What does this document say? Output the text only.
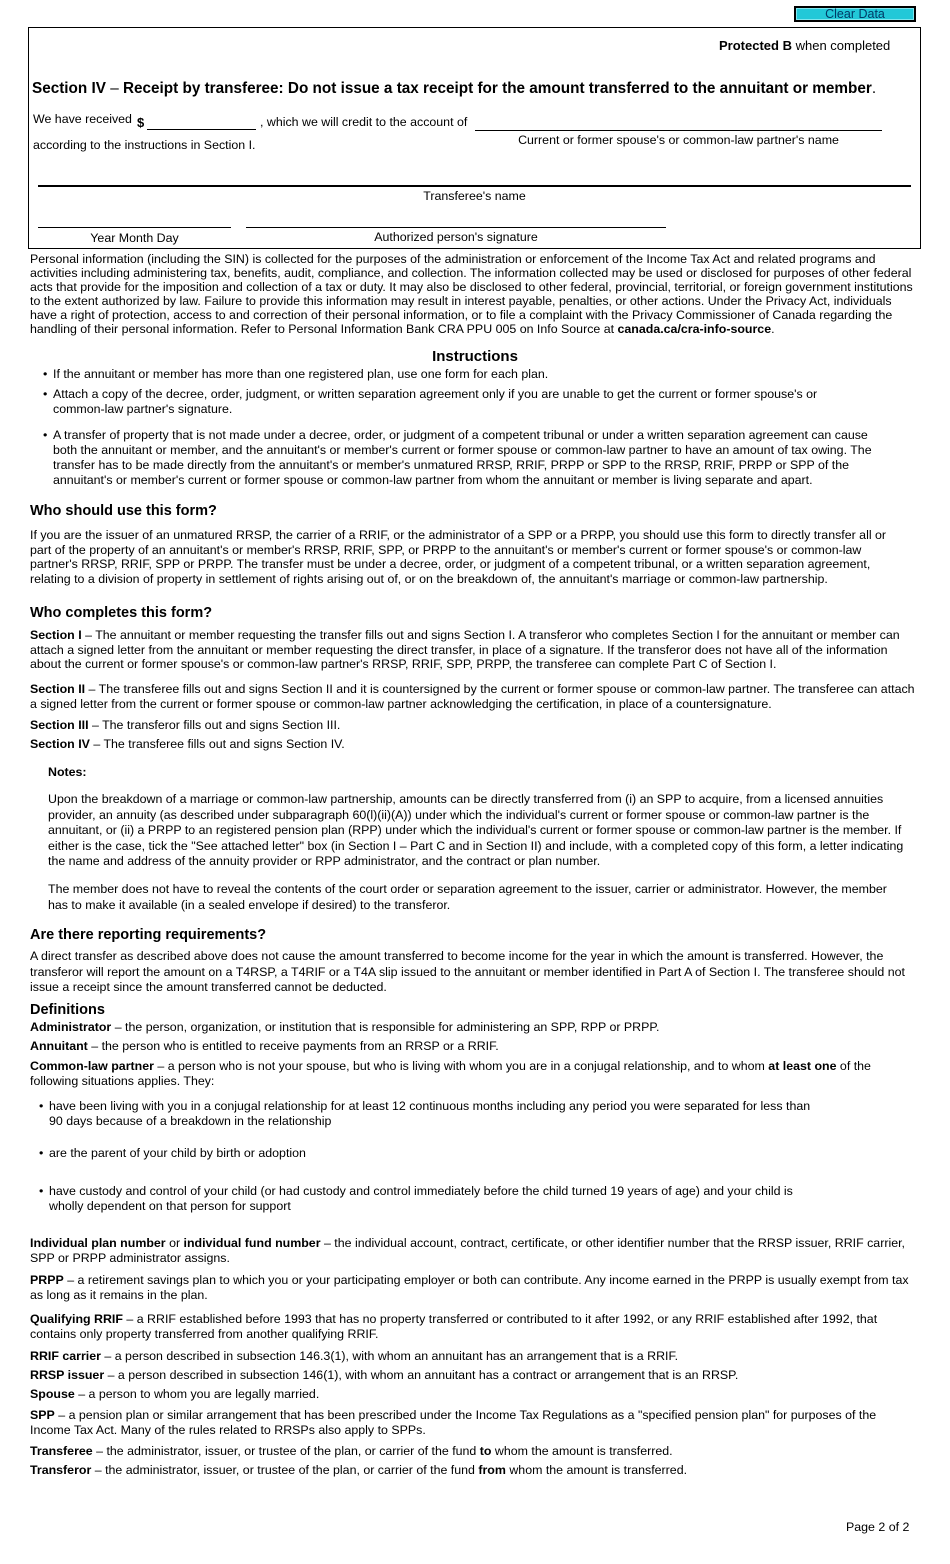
Clear Data
Protected B when completed
Section IV – Receipt by transferee: Do not issue a tax receipt for the amount transferred to the annuitant or member.
We have received $	, which we will credit to the account of
Current or former spouse's or common-law partner's name
according to the instructions in Section I.
Transferee's name
Year Month Day	Authorized person's signature

Personal information (including the SIN) is collected for the purposes of the administration or enforcement of the Income Tax Act and related programs and activities including administering tax, benefits, audit, compliance, and collection. The information collected may be used or disclosed for purposes of other federal acts that provide for the imposition and collection of a tax or duty. It may also be disclosed to other federal, provincial, territorial, or foreign government institutions to the extent authorized by law. Failure to provide this information may result in interest payable, penalties, or other actions. Under the Privacy Act, individuals have a right of protection, access to and correction of their personal information, or to file a complaint with the Privacy Commissioner of Canada regarding the handling of their personal information. Refer to Personal Information Bank CRA PPU 005 on Info Source at canada.ca/cra-info-source.

Instructions
• If the annuitant or member has more than one registered plan, use one form for each plan.
• Attach a copy of the decree, order, judgment, or written separation agreement only if you are unable to get the current or former spouse's or common-law partner's signature.
• A transfer of property that is not made under a decree, order, or judgment of a competent tribunal or under a written separation agreement can cause both the annuitant or member, and the annuitant's or member's current or former spouse or common-law partner to have an amount of tax owing. The transfer has to be made directly from the annuitant's or member's unmatured RRSP, RRIF, PRPP or SPP to the RRSP, RRIF, PRPP or SPP of the annuitant's or member's current or former spouse or common-law partner from whom the annuitant or member is living separate and apart.
Who should use this form?

If you are the issuer of an unmatured RRSP, the carrier of a RRIF, or the administrator of a SPP or a PRPP, you should use this form to directly transfer all or part of the property of an annuitant's or member's RRSP, RRIF, SPP, or PRPP to the annuitant's or member's current or former spouse's or common-law partner's RRSP, RRIF, SPP or PRPP. The transfer must be under a decree, order, or judgment of a competent tribunal, or a written separation agreement, relating to a division of property in settlement of rights arising out of, or on the breakdown of, the annuitant's marriage or common-law partnership.

Who completes this form?

Section I – The annuitant or member requesting the transfer fills out and signs Section I. A transferor who completes Section I for the annuitant or member can attach a signed letter from the annuitant or member requesting the direct transfer, in place of a signature. If the transferor does not have all of the information about the current or former spouse's or common-law partner's RRSP, RRIF, SPP, PRPP, the transferee can complete Part C of Section I.

Section II – The transferee fills out and signs Section II and it is countersigned by the current or former spouse or common-law partner. The transferee can attach a signed letter from the current or former spouse or common-law partner acknowledging the certification, in place of a countersignature.

Section III – The transferor fills out and signs Section III.

Section IV – The transferee fills out and signs Section IV.

Notes:

Upon the breakdown of a marriage or common-law partnership, amounts can be directly transferred from (i) an SPP to acquire, from a licensed annuities provider, an annuity (as described under subparagraph 60(l)(ii)(A)) under which the individual's current or former spouse or common-law partner is the annuitant, or (ii) a PRPP to an registered pension plan (RPP) under which the individual's current or former spouse or common-law partner is the member. If either is the case, tick the "See attached letter" box (in Section I – Part C and in Section II) and include, with a completed copy of this form, a letter indicating the name and address of the annuity provider or RPP administrator, and the contract or plan number.

The member does not have to reveal the contents of the court order or separation agreement to the issuer, carrier or administrator. However, the member has to make it available (in a sealed envelope if desired) to the transferor.

Are there reporting requirements?

A direct transfer as described above does not cause the amount transferred to become income for the year in which the amount is transferred. However, the transferor will report the amount on a T4RSP, a T4RIF or a T4A slip issued to the annuitant or member identified in Part A of Section I. The transferee should not issue a receipt since the amount transferred cannot be deducted.

Definitions

Administrator – the person, organization, or institution that is responsible for administering an SPP, RPP or PRPP.

Annuitant – the person who is entitled to receive payments from an RRSP or a RRIF.

Common-law partner – a person who is not your spouse, but who is living with whom you are in a conjugal relationship, and to whom at least one of the following situations applies. They:

• have been living with you in a conjugal relationship for at least 12 continuous months including any period you were separated for less than 90 days because of a breakdown in the relationship
• are the parent of your child by birth or adoption
• have custody and control of your child (or had custody and control immediately before the child turned 19 years of age) and your child is wholly dependent on that person for support

Individual plan number or individual fund number – the individual account, contract, certificate, or other identifier number that the RRSP issuer, RRIF carrier, SPP or PRPP administrator assigns.

PRPP – a retirement savings plan to which you or your participating employer or both can contribute. Any income earned in the PRPP is usually exempt from tax as long as it remains in the plan.

Qualifying RRIF – a RRIF established before 1993 that has no property transferred or contributed to it after 1992, or any RRIF established after 1992, that contains only property transferred from another qualifying RRIF.

RRIF carrier – a person described in subsection 146.3(1), with whom an annuitant has an arrangement that is a RRIF.

RRSP issuer – a person described in subsection 146(1), with whom an annuitant has a contract or arrangement that is an RRSP.

Spouse – a person to whom you are legally married.

SPP – a pension plan or similar arrangement that has been prescribed under the Income Tax Regulations as a "specified pension plan" for purposes of the Income Tax Act. Many of the rules related to RRSPs also apply to SPPs.

Transferee – the administrator, issuer, or trustee of the plan, or carrier of the fund to whom the amount is transferred.

Transferor – the administrator, issuer, or trustee of the plan, or carrier of the fund from whom the amount is transferred.

Page 2 of 2
